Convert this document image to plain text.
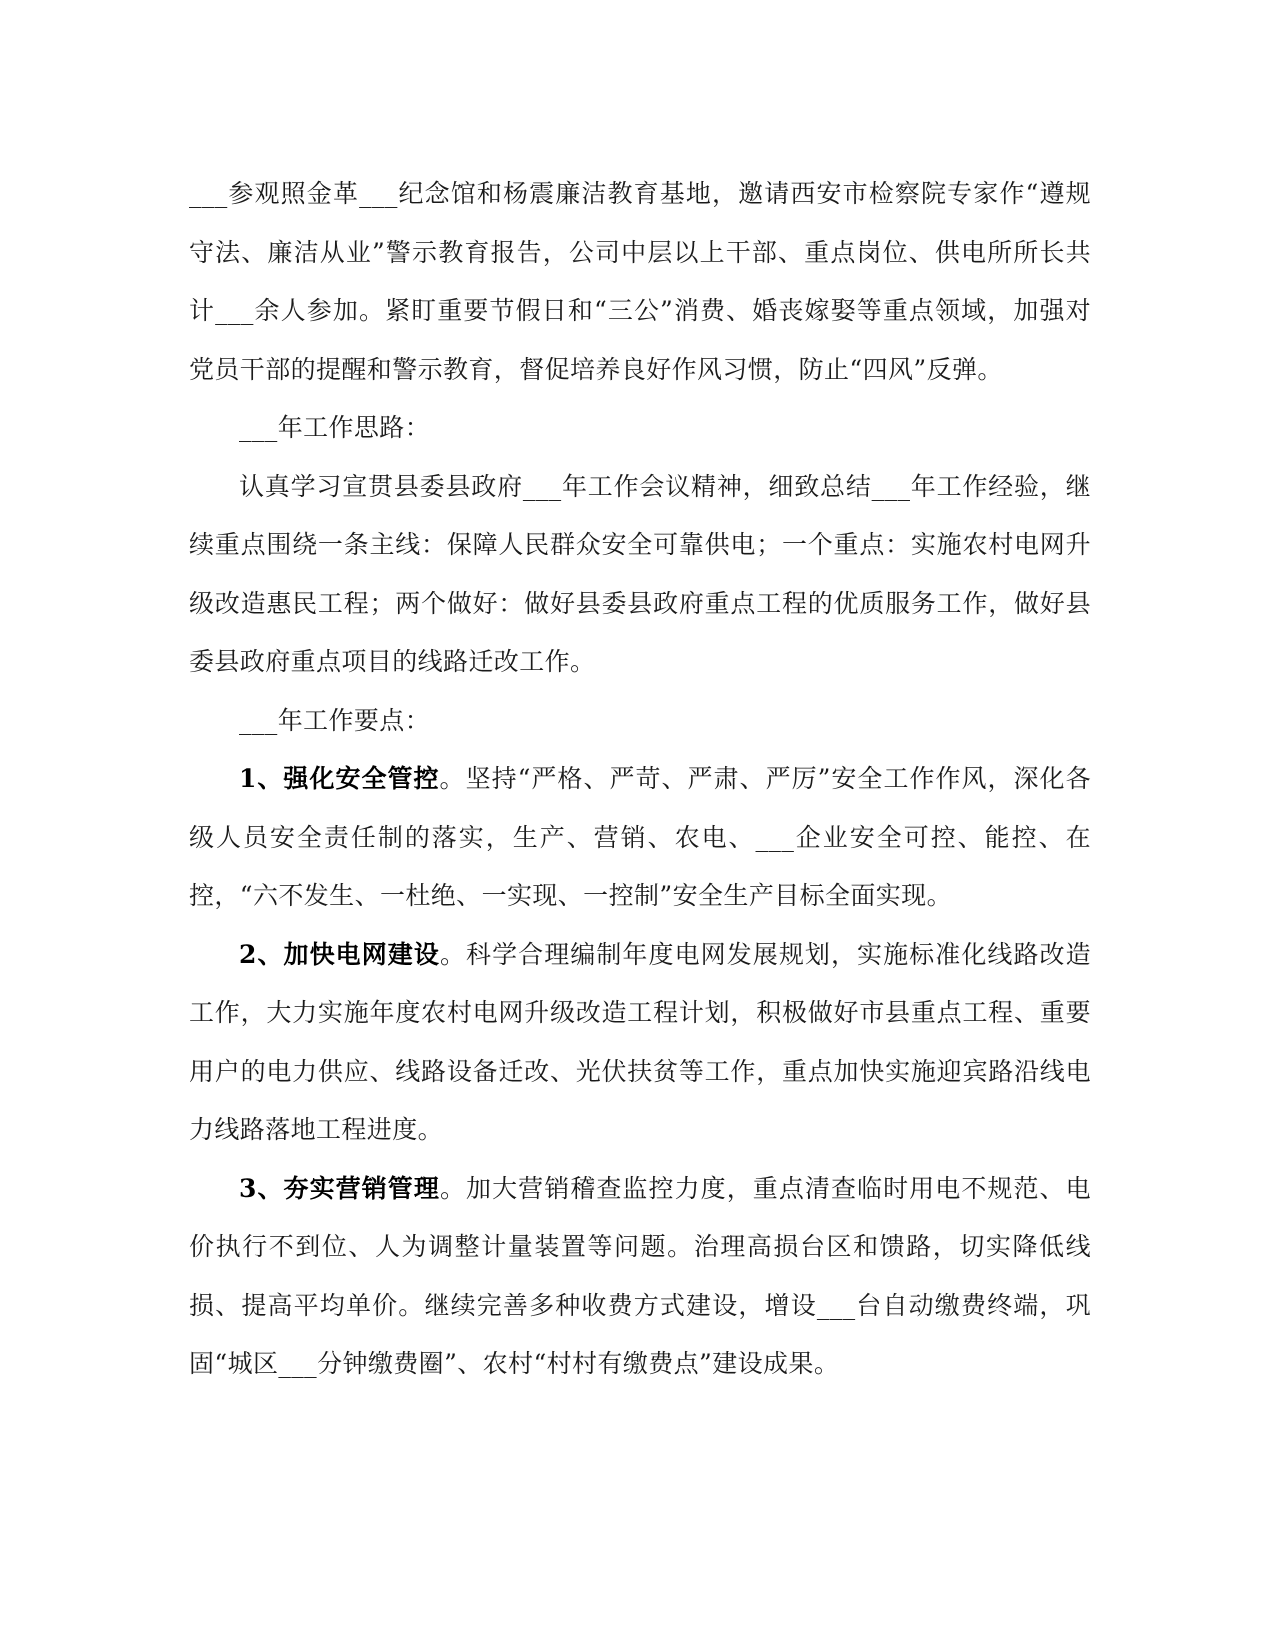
___参观照金革___纪念馆和杨震廉洁教育基地，邀请西安市检察院专家作“遵规守法、廉洁从业”警示教育报告，公司中层以上干部、重点岗位、供电所所长共计___余人参加。紧盯重要节假日和“三公”消费、婚丧嫁娶等重点领域，加强对党员干部的提醒和警示教育，督促培养良好作风习惯，防止“四风”反弹。

___年工作思路：

认真学习宣贯县委县政府___年工作会议精神，细致总结___年工作经验，继续重点围绕一条主线：保障人民群众安全可靠供电；一个重点：实施农村电网升级改造惠民工程；两个做好：做好县委县政府重点工程的优质服务工作，做好县委县政府重点项目的线路迁改工作。

___年工作要点：

1、强化安全管控。坚持“严格、严苛、严肃、严厉”安全工作作风，深化各级人员安全责任制的落实，生产、营销、农电、___企业安全可控、能控、在控，“六不发生、一杜绝、一实现、一控制”安全生产目标全面实现。

2、加快电网建设。科学合理编制年度电网发展规划，实施标准化线路改造工作，大力实施年度农村电网升级改造工程计划，积极做好市县重点工程、重要用户的电力供应、线路设备迁改、光伏扶贫等工作，重点加快实施迎宾路沿线电力线路落地工程进度。

3、夯实营销管理。加大营销稽查监控力度，重点清查临时用电不规范、电价执行不到位、人为调整计量装置等问题。治理高损台区和馈路，切实降低线损、提高平均单价。继续完善多种收费方式建设，增设___台自动缴费终端，巩固“城区___分钟缴费圈”、农村“村村有缴费点”建设成果。
